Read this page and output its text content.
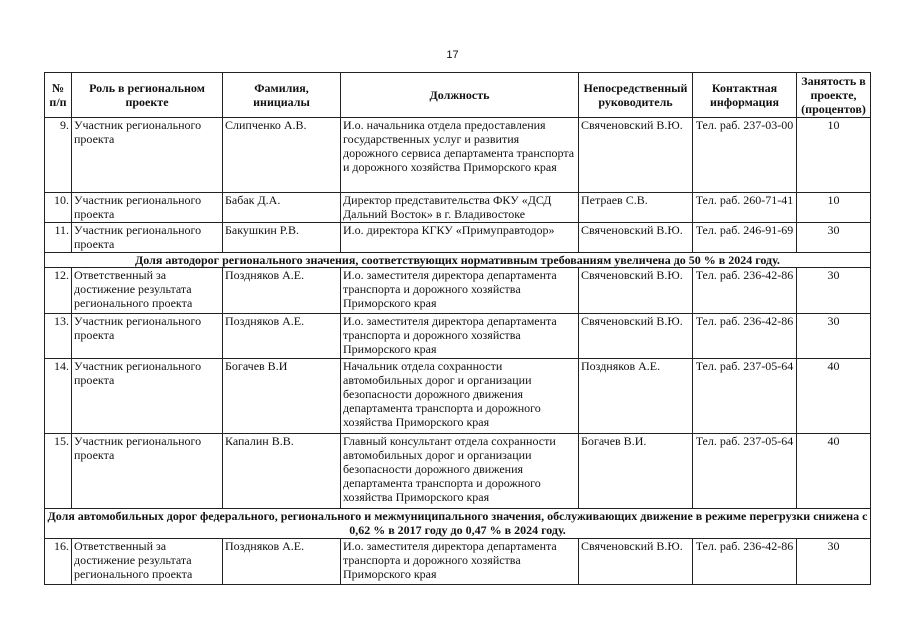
17
№ п/п	Роль в региональном проекте	Фамилия, инициалы	Должность	Непосредственный руководитель	Контактная информация	Занятость в проекте, (процентов)
9.	Участник регионального проекта	Слипченко А.В.	И.о. начальника отдела предоставления государственных услуг и развития дорожного сервиса департамента транспорта и дорожного хозяйства Приморского края	Свяченовский В.Ю.	Тел. раб. 237-03-00	10
10.	Участник регионального проекта	Бабак Д.А.	Директор представительства ФКУ «ДСД Дальний Восток» в г. Владивостоке	Петраев С.В.	Тел. раб. 260-71-41	10
11.	Участник регионального проекта	Бакушкин Р.В.	И.о. директора КГКУ «Примуправтодор»	Свяченовский В.Ю.	Тел. раб. 246-91-69	30
Доля автодорог регионального значения, соответствующих нормативным требованиям увеличена до 50 % в 2024 году.						
12.	Ответственный за достижение результата регионального проекта	Поздняков А.Е.	И.о. заместителя директора департамента транспорта и дорожного хозяйства Приморского края	Свяченовский В.Ю.	Тел. раб. 236-42-86	30
13.	Участник регионального проекта	Поздняков А.Е.	И.о. заместителя директора департамента транспорта и дорожного хозяйства Приморского края	Свяченовский В.Ю.	Тел. раб. 236-42-86	30
14.	Участник регионального проекта	Богачев В.И	Начальник отдела сохранности автомобильных дорог и организации безопасности дорожного движения департамента транспорта и дорожного хозяйства Приморского края	Поздняков А.Е.	Тел. раб. 237-05-64	40
15.	Участник регионального проекта	Капалин В.В.	Главный консультант отдела сохранности автомобильных дорог и организации безопасности дорожного движения департамента транспорта и дорожного хозяйства Приморского края	Богачев В.И.	Тел. раб. 237-05-64	40
Доля автомобильных дорог федерального, регионального и межмуниципального значения, обслуживающих движение в режиме перегрузки снижена с 0,62 % в 2017 году до 0,47 % в 2024 году.						
16.	Ответственный за достижение результата регионального проекта	Поздняков А.Е.	И.о. заместителя директора департамента транспорта и дорожного хозяйства Приморского края	Свяченовский В.Ю.	Тел. раб. 236-42-86	30
